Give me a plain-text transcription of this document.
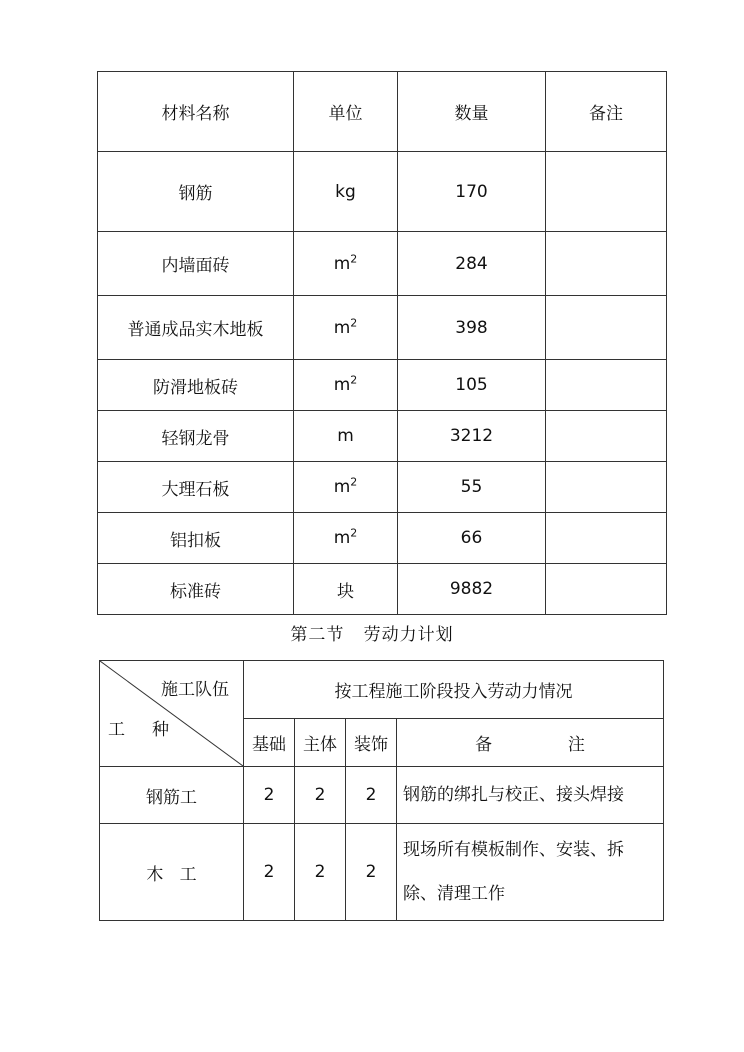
材料名称	单位	数量	备注
钢筋	kg	170	
内墙面砖	$m^2$	284	
普通成品实木地板	$m^2$	398	
防滑地板砖	$m^2$	105	
轻钢龙骨	m	3212	
大理石板	$m^2$	55	
铝扣板	$m^2$	66	
标准砖	块	9882	
第二节   劳动力计划
施工队伍
工     种	按工程施工阶段投入劳动力情况			
	基础	主体	装饰	备              注
钢筋工	2	2	2	钢筋的绑扎与校正、接头焊接
木   工	2	2	2	现场所有模板制作、安装、拆除、清理工作
